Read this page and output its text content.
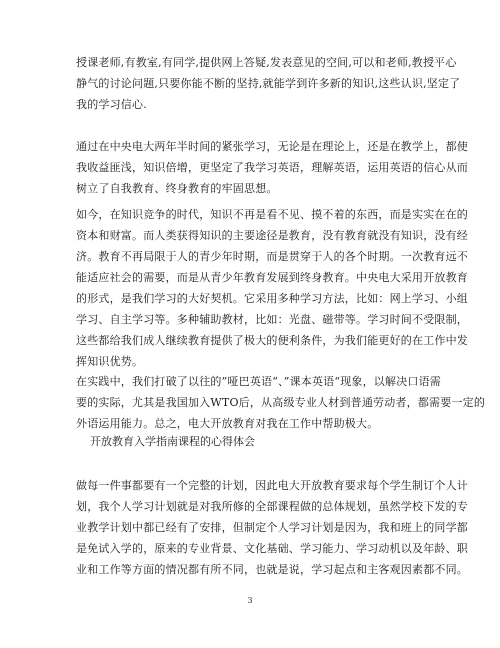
授课老师,有教室,有同学,提供网上答疑,发表意见的空间,可以和老师,教授平心
静气的讨论问题,只要你能不断的坚持,就能学到许多新的知识,这些认识,坚定了
我的学习信心.
通过在中央电大两年半时间的紧张学习，无论是在理论上，还是在教学上，都使
我收益匪浅，知识倍增，更坚定了我学习英语，理解英语，运用英语的信心从而
树立了自我教育、终身教育的牢固思想。
如今，在知识竞争的时代，知识不再是看不见、摸不着的东西，而是实实在在的
资本和财富。而人类获得知识的主要途径是教育，没有教育就没有知识，没有经
济。教育不再局限于人的青少年时期，而是贯穿于人的各个时期。一次教育远不
能适应社会的需要，而是从青少年教育发展到终身教育。中央电大采用开放教育
的形式，是我们学习的大好契机。它采用多种学习方法，比如：网上学习、小组
学习、自主学习等。多种辅助教材，比如：光盘、磁带等。学习时间不受限制，
这些都给我们成人继续教育提供了极大的便利条件，为我们能更好的在工作中发
挥知识优势。
在实践中，我们打破了以往的”哑巴英语“、”课本英语“现象，以解决口语需
要的实际，尤其是我国加入WTO后，从高级专业人材到普通劳动者，都需要一定的
外语运用能力。总之，电大开放教育对我在工作中帮助极大。
开放教育入学指南课程的心得体会
做每一件事都要有一个完整的计划，因此电大开放教育要求每个学生制订个人计
划，我个人学习计划就是对我所修的全部课程做的总体规划，虽然学校下发的专
业教学计划中都已经有了安排，但制定个人学习计划是因为，我和班上的同学都
是免试入学的，原来的专业背景、文化基础、学习能力、学习动机以及年龄、职
业和工作等方面的情况都有所不同，也就是说，学习起点和主客观因素都不同。
3
